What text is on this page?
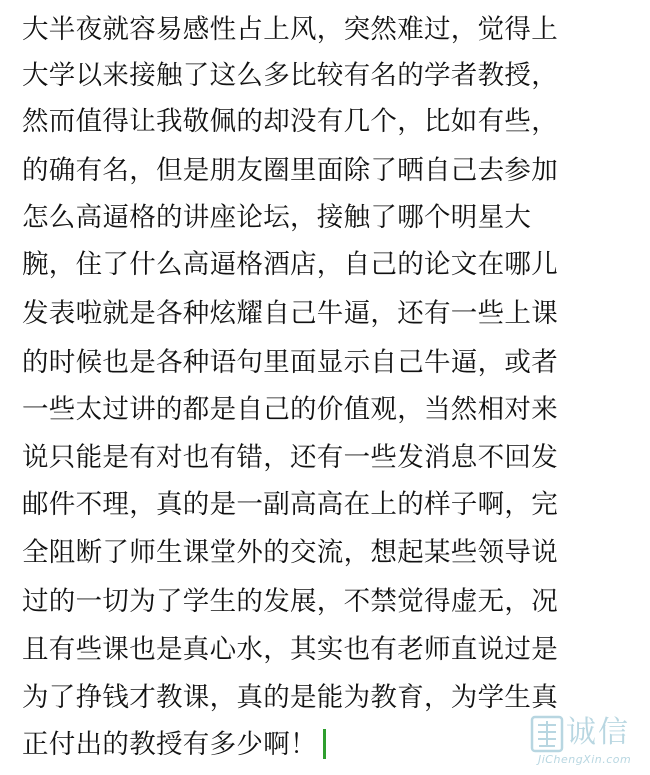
大半夜就容易感性占上风，突然难过，觉得上
大学以来接触了这么多比较有名的学者教授，
然而值得让我敬佩的却没有几个，比如有些，
的确有名，但是朋友圈里面除了晒自己去参加
怎么高逼格的讲座论坛，接触了哪个明星大
腕，住了什么高逼格酒店，自己的论文在哪儿
发表啦就是各种炫耀自己牛逼，还有一些上课
的时候也是各种语句里面显示自己牛逼，或者
一些太过讲的都是自己的价值观，当然相对来
说只能是有对也有错，还有一些发消息不回发
邮件不理，真的是一副高高在上的样子啊，完
全阻断了师生课堂外的交流，想起某些领导说
过的一切为了学生的发展，不禁觉得虚无，况
且有些课也是真心水，其实也有老师直说过是
为了挣钱才教课，真的是能为教育，为学生真
正付出的教授有多少啊！	诚信
JiChengXin.com
